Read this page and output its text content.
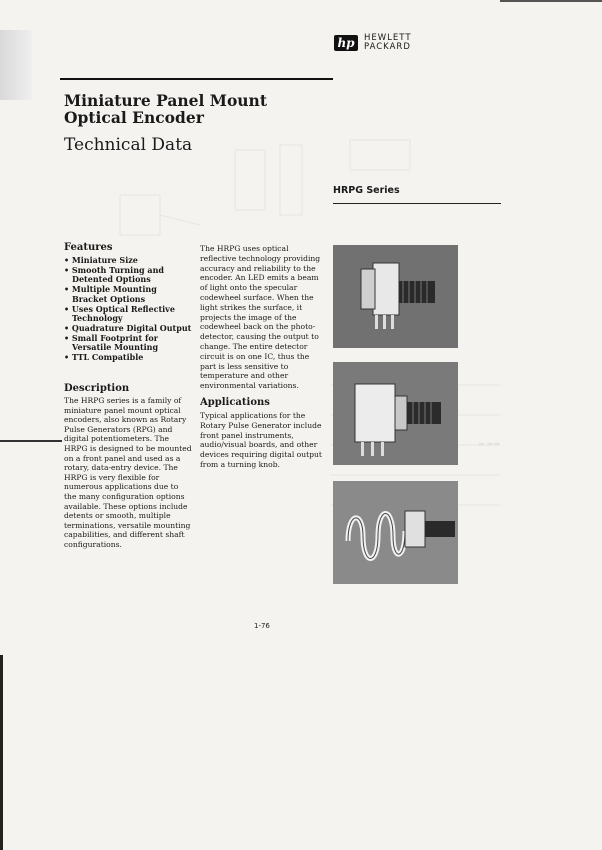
hp	HEWLETT
PACKARD
Miniature Panel Mount
Optical Encoder
Technical Data
HRPG Series
Features
• Miniature Size
• Smooth Turning and Detented Options
• Multiple Mounting Bracket Options
• Uses Optical Reflective Technology
• Quadrature Digital Output
• Small Footprint for Versatile Mounting
• TTL Compatible
Description
The HRPG series is a family of miniature panel mount optical encoders, also known as Rotary Pulse Generators (RPG) and digital potentiometers. The HRPG is designed to be mounted on a front panel and used as a rotary, data-entry device. The HRPG is very flexible for numerous applications due to the many configuration options available. These options include detents or smooth, multiple terminations, versatile mounting capabilities, and different shaft configurations.
The HRPG uses optical reflective technology providing accuracy and reliability to the encoder. An LED emits a beam of light onto the specular codewheel surface. When the light strikes the surface, it projects the image of the codewheel back on the photo-detector, causing the output to change. The entire detector circuit is on one IC, thus the part is less sensitive to temperature and other environmental variations.
Applications
Typical applications for the Rotary Pulse Generator include front panel instruments, audio/visual boards, and other devices requiring digital output from a turning knob.
▬ ▬▬
1-76
